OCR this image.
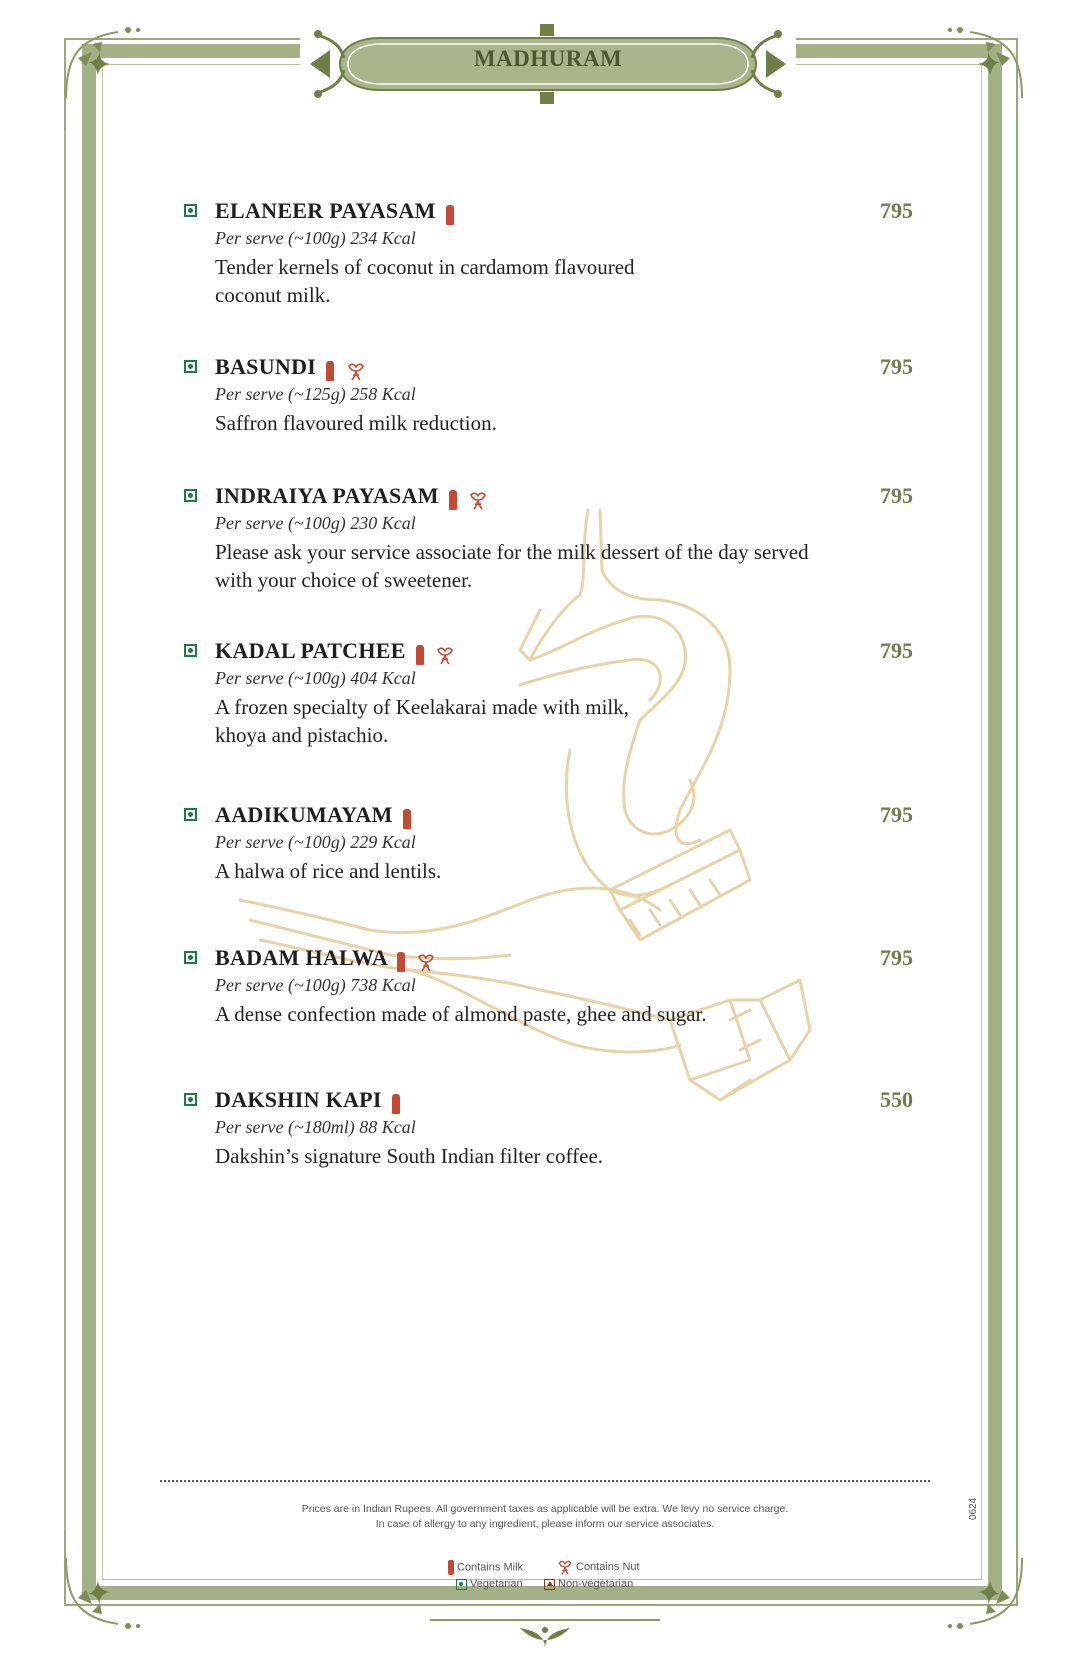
MADHURAM
ELANEER PAYASAM	795
Per serve (~100g) 234 Kcal
Tender kernels of coconut in cardamom flavoured coconut milk.
BASUNDI	795
Per serve (~125g) 258 Kcal
Saffron flavoured milk reduction.
INDRAIYA PAYASAM	795
Per serve (~100g) 230 Kcal
Please ask your service associate for the milk dessert of the day served with your choice of sweetener.
KADAL PATCHEE	795
Per serve (~100g) 404 Kcal
A frozen specialty of Keelakarai made with milk, khoya and pistachio.
AADIKUMAYAM	795
Per serve (~100g) 229 Kcal
A halwa of rice and lentils.
BADAM HALWA	795
Per serve (~100g) 738 Kcal
A dense confection made of almond paste, ghee and sugar.
DAKSHIN KAPI	550
Per serve (~180ml) 88 Kcal
Dakshin’s signature South Indian filter coffee.
Prices are in Indian Rupees. All government taxes as applicable will be extra. We levy no service charge.
In case of allergy to any ingredient, please inform our service associates.
0624
Contains Milk	Contains Nut
Vegetarian	Non-vegetarian
